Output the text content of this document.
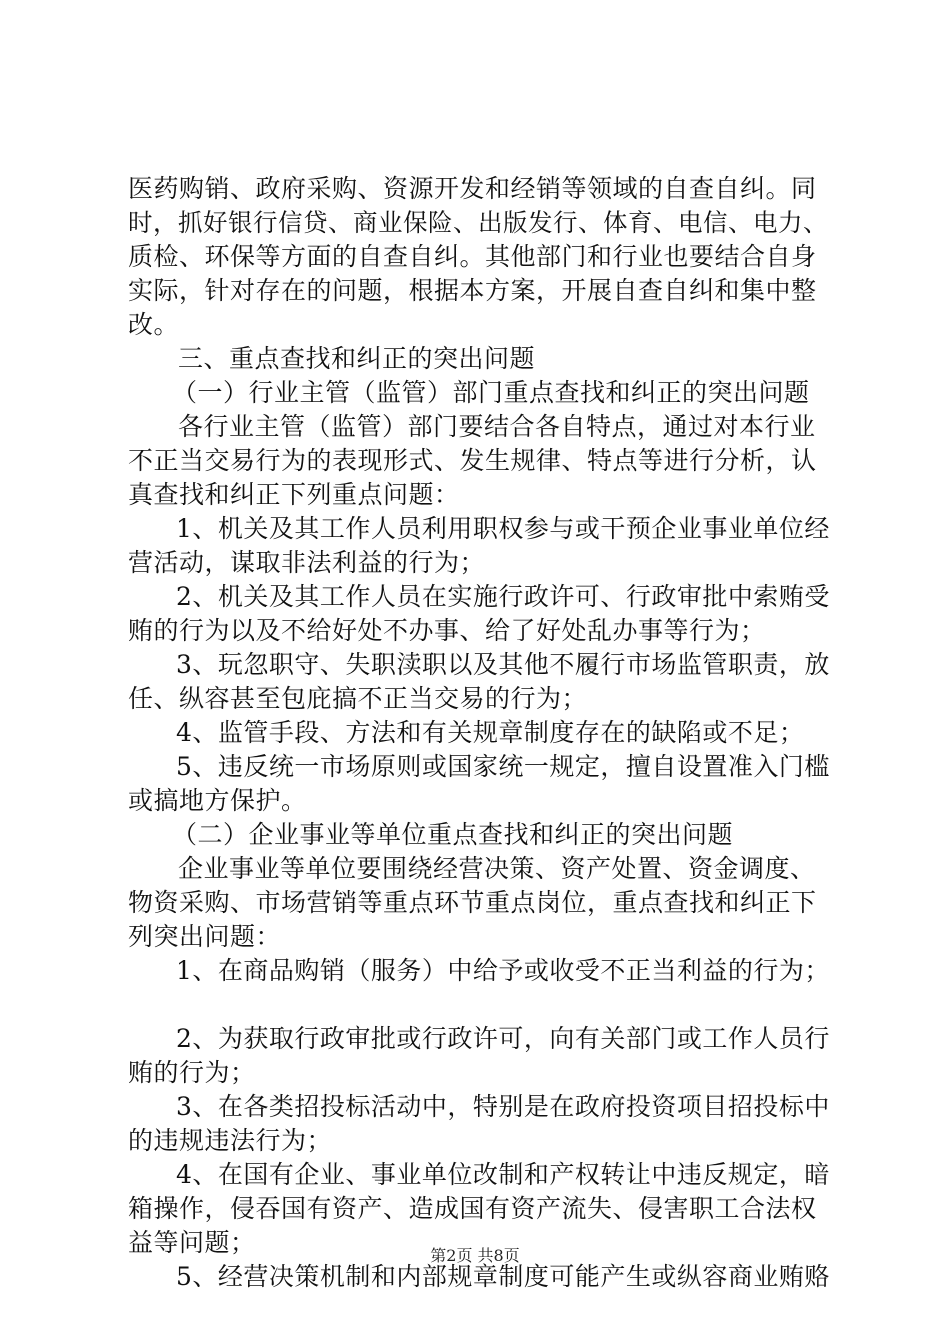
医药购销、政府采购、资源开发和经销等领域的自查自纠。同
时，抓好银行信贷、商业保险、出版发行、体育、电信、电力、
质检、环保等方面的自查自纠。其他部门和行业也要结合自身
实际，针对存在的问题，根据本方案，开展自查自纠和集中整
改。
三、重点查找和纠正的突出问题
（一）行业主管（监管）部门重点查找和纠正的突出问题
各行业主管（监管）部门要结合各自特点，通过对本行业
不正当交易行为的表现形式、发生规律、特点等进行分析，认
真查找和纠正下列重点问题：
1、机关及其工作人员利用职权参与或干预企业事业单位经
营活动，谋取非法利益的行为；
2、机关及其工作人员在实施行政许可、行政审批中索贿受
贿的行为以及不给好处不办事、给了好处乱办事等行为；
3、玩忽职守、失职渎职以及其他不履行市场监管职责，放
任、纵容甚至包庇搞不正当交易的行为；
4、监管手段、方法和有关规章制度存在的缺陷或不足；
5、违反统一市场原则或国家统一规定，擅自设置准入门槛
或搞地方保护。
（二）企业事业等单位重点查找和纠正的突出问题
企业事业等单位要围绕经营决策、资产处置、资金调度、
物资采购、市场营销等重点环节重点岗位，重点查找和纠正下
列突出问题：
1、在商品购销（服务）中给予或收受不正当利益的行为；
2、为获取行政审批或行政许可，向有关部门或工作人员行
贿的行为；
3、在各类招投标活动中，特别是在政府投资项目招投标中
的违规违法行为；
4、在国有企业、事业单位改制和产权转让中违反规定，暗
箱操作，侵吞国有资产、造成国有资产流失、侵害职工合法权
益等问题；
5、经营决策机制和内部规章制度可能产生或纵容商业贿赂
第2页 共8页
